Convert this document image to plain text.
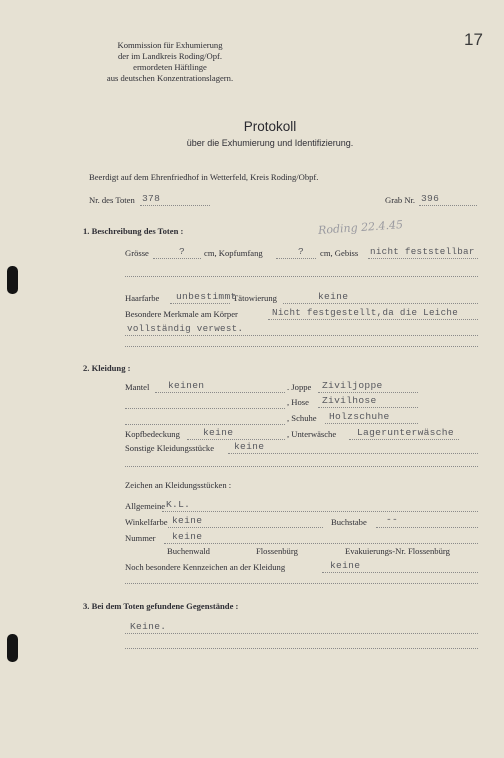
17
Kommission für Exhumierung
der im Landkreis Roding/Opf.
ermordeten Häftlinge
aus deutschen Konzentrationslagern.
Protokoll
über die Exhumierung und Identifizierung.
Beerdigt auf dem Ehrenfriedhof in Wetterfeld, Kreis Roding/Obpf.
Nr. des Toten 378	Grab Nr. 396
1. Beschreibung des Toten :	Roding 22.4.45
Grösse	? cm, Kopfumfang	? cm, Gebiss nicht feststellbar
Haarfarbe unbestimmt
Tätowierung	keine
Besondere Merkmale am Körper	Nicht festgestellt,da die Leiche
vollständig verwest.
2. Kleidung :
Mantel keinen	. Joppe Ziviljoppe
, Hose Zivilhose
, Schuhe Holzschuhe
Kopfbedeckung keine	, Unterwäsche Lagerunterwäsche
Sonstige Kleidungsstücke keine
Zeichen an Kleidungsstücken :
Allgemeine K.L.
Winkelfarbe keine	Buchstabe --
Nummer keine
Buchenwald	Flossenbürg	Evakuierungs-Nr. Flossenbürg
Noch besondere Kennzeichen an der Kleidung	keine
3. Bei dem Toten gefundene Gegenstände :
Keine.
